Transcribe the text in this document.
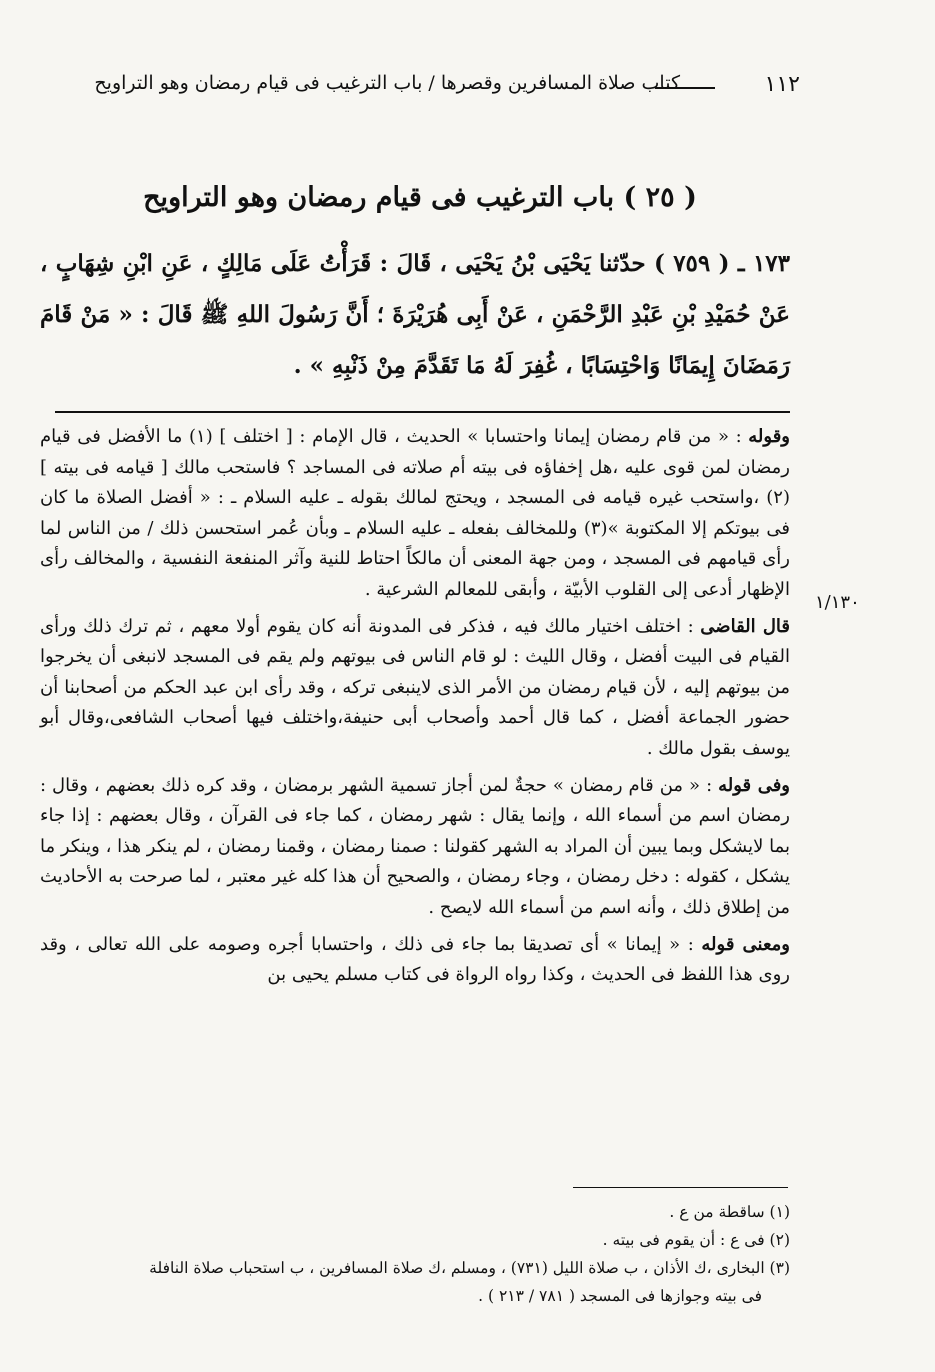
١١٢
كتاب صلاة المسافرين وقصرها / باب الترغيب فى قيام رمضان وهو التراويح
( ٢٥ ) باب الترغيب فى قيام رمضان وهو التراويح

١٧٣ ـ ( ٧٥٩ ) حدّثنا يَحْيَى بْنُ يَحْيَى ، قَالَ : قَرَأْتُ عَلَى مَالِكٍ ، عَنِ ابْنِ شِهَابٍ ، عَنْ حُمَيْدِ بْنِ عَبْدِ الرَّحْمَنِ ، عَنْ أَبِى هُرَيْرَةَ ؛ أَنَّ رَسُولَ اللهِ ﷺ قَالَ : « مَنْ قَامَ رَمَضَانَ إِيمَانًا وَاحْتِسَابًا ، غُفِرَ لَهُ مَا تَقَدَّمَ مِنْ ذَنْبِهِ » .

١/١٣٠

وقوله : « من قام رمضان إيمانا واحتسابا » الحديث ، قال الإمام : [ اختلف ] (١) ما الأفضل فى قيام رمضان لمن قوى عليه ،هل إخفاؤه فى بيته أم صلاته فى المساجد ؟ فاستحب مالك [ قيامه فى بيته ] (٢) ،واستحب غيره قيامه فى المسجد ، ويحتج لمالك بقوله ـ عليه السلام ـ : « أفضل الصلاة ما كان فى بيوتكم إلا المكتوبة »(٣) وللمخالف بفعله ـ عليه السلام ـ وبأن عُمر استحسن ذلك / من الناس لما رأى قيامهم فى المسجد ، ومن جهة المعنى أن مالكاً احتاط للنية وآثر المنفعة النفسية ، والمخالف رأى الإظهار أدعى إلى القلوب الأبيّة ، وأبقى للمعالم الشرعية .

قال القاضى : اختلف اختيار مالك فيه ، فذكر فى المدونة أنه كان يقوم أولا معهم ، ثم ترك ذلك ورأى القيام فى البيت أفضل ، وقال الليث : لو قام الناس فى بيوتهم ولم يقم فى المسجد لانبغى أن يخرجوا من بيوتهم إليه ، لأن قيام رمضان من الأمر الذى لاينبغى تركه ، وقد رأى ابن عبد الحكم من أصحابنا أن حضور الجماعة أفضل ، كما قال أحمد وأصحاب أبى حنيفة،واختلف فيها أصحاب الشافعى،وقال أبو يوسف بقول مالك .

وفى قوله : « من قام رمضان » حجةٌ لمن أجاز تسمية الشهر برمضان ، وقد كره ذلك بعضهم ، وقال : رمضان اسم من أسماء الله ، وإنما يقال : شهر رمضان ، كما جاء فى القرآن ، وقال بعضهم : إذا جاء بما لايشكل وبما يبين أن المراد به الشهر كقولنا : صمنا رمضان ، وقمنا رمضان ، لم ينكر هذا ، وينكر ما يشكل ، كقوله : دخل رمضان ، وجاء رمضان ، والصحيح أن هذا كله غير معتبر ، لما صرحت به الأحاديث من إطلاق ذلك ، وأنه اسم من أسماء الله لايصح .

ومعنى قوله : « إيمانا » أى تصديقا بما جاء فى ذلك ، واحتسابا أجره وصومه على الله تعالى ، وقد روى هذا اللفظ فى الحديث ، وكذا رواه الرواة فى كتاب مسلم يحيى بن

(١) ساقطة من ع .
(٢) فى ع : أن يقوم فى بيته .
(٣) البخارى ،ك الأذان ، ب صلاة الليل (٧٣١) ، ومسلم ،ك صلاة المسافرين ، ب استحباب صلاة النافلة
فى بيته وجوازها فى المسجد ( ٧٨١ / ٢١٣ ) .
